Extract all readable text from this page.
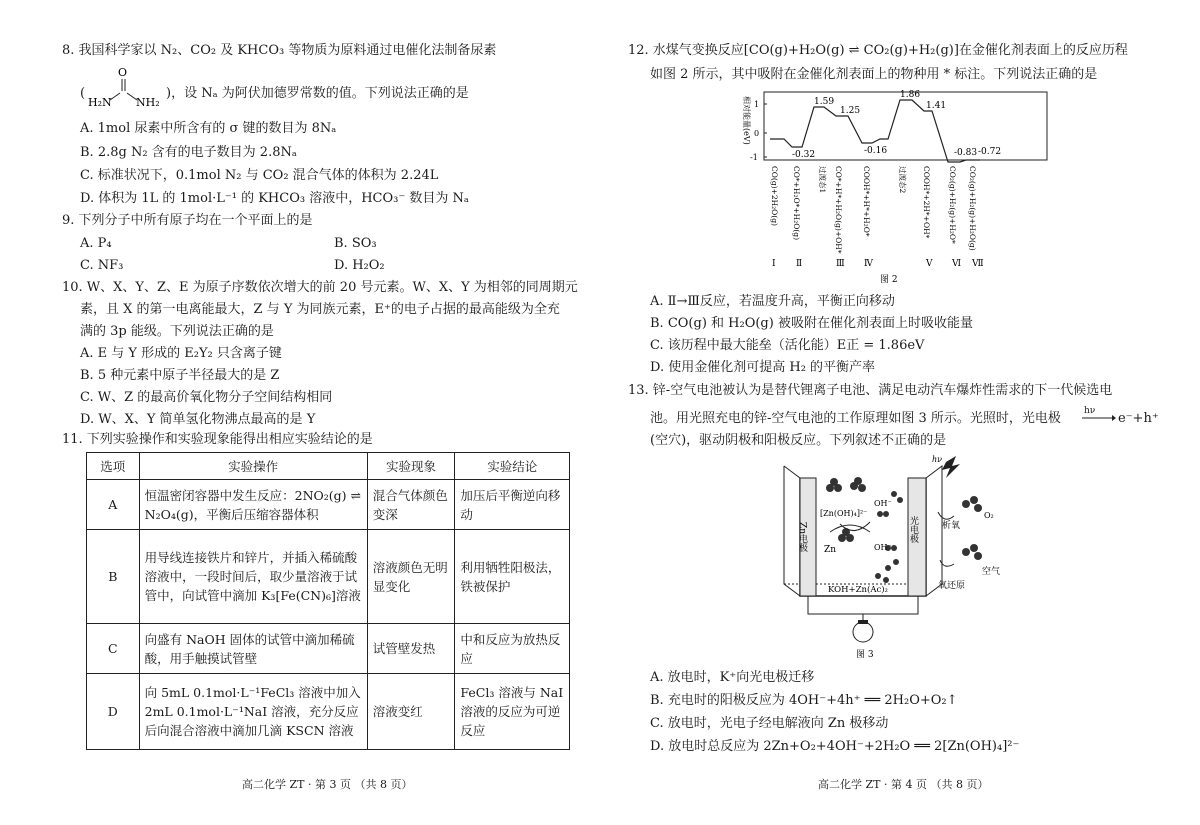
8. 我国科学家以 N₂、CO₂ 及 KHCO₃ 等物质为原料通过电催化法制备尿素
(
O
H₂N NH₂
)，设 Nₐ 为阿伏加德罗常数的值。下列说法正确的是
A. 1mol 尿素中所含有的 σ 键的数目为 8Nₐ
B. 2.8g N₂ 含有的电子数目为 2.8Nₐ
C. 标准状况下，0.1mol N₂ 与 CO₂ 混合气体的体积为 2.24L
D. 体积为 1L 的 1mol·L⁻¹ 的 KHCO₃ 溶液中，HCO₃⁻ 数目为 Nₐ
9. 下列分子中所有原子均在一个平面上的是
A. P₄	B. SO₃
C. NF₃	D. H₂O₂
10. W、X、Y、Z、E 为原子序数依次增大的前 20 号元素。W、X、Y 为相邻的同周期元
素，且 X 的第一电离能最大，Z 与 Y 为同族元素，E⁺的电子占据的最高能级为全充
满的 3p 能级。下列说法正确的是
A. E 与 Y 形成的 E₂Y₂ 只含离子键
B. 5 种元素中原子半径最大的是 Z
C. W、Z 的最高价氧化物分子空间结构相同
D. W、X、Y 简单氢化物沸点最高的是 Y
11. 下列实验操作和实验现象能得出相应实验结论的是
选项	实验操作	实验现象	实验结论
A	恒温密闭容器中发生反应：2NO₂(g) ⇌ N₂O₄(g)，平衡后压缩容器体积	混合气体颜色变深	加压后平衡逆向移动
B	用导线连接铁片和锌片，并插入稀硫酸溶液中，一段时间后，取少量溶液于试管中，向试管中滴加 K₃[Fe(CN)₆]溶液	溶液颜色无明显变化	利用牺牲阳极法，铁被保护
C	向盛有 NaOH 固体的试管中滴加稀硫酸，用手触摸试管壁	试管壁发热	中和反应为放热反应
D	向 5mL 0.1mol·L⁻¹FeCl₃ 溶液中加入 2mL 0.1mol·L⁻¹NaI 溶液，充分反应后向混合溶液中滴加几滴 KSCN 溶液	溶液变红	FeCl₃ 溶液与 NaI 溶液的反应为可逆反应
高二化学 ZT · 第 3 页 （共 8 页）
12. 水煤气变换反应[CO(g)+H₂O(g) ⇌ CO₂(g)+H₂(g)]在金催化剂表面上的反应历程
如图 2 所示，其中吸附在金催化剂表面上的物种用 * 标注。下列说法正确的是
相对能量(eV) 1
0
-1	-0.32
1.59
1.25
-0.16
1.86
1.41
-0.83 -0.72
CO(g)+2H₂O(g) CO*+H₂O*+H₂O(g) 过渡态1 CO*+H*+H₂O(g)+OH*	COOH*+H*+H₂O*	过渡态2 COOH*+2H*+OH* CO₂(g)+H₂(g)+H₂O* CO₂(g)+H₂(g)+H₂O(g)
Ⅰ Ⅱ	Ⅲ Ⅳ	Ⅴ Ⅵ Ⅶ
图 2
A. Ⅱ→Ⅲ反应，若温度升高，平衡正向移动
B. CO(g) 和 H₂O(g) 被吸附在催化剂表面上时吸收能量
C. 该历程中最大能垒（活化能）E正 = 1.86eV
D. 使用金催化剂可提高 H₂ 的平衡产率
13. 锌-空气电池被认为是替代锂离子电池、满足电动汽车爆炸性需求的下一代候选电
池。用光照充电的锌-空气电池的工作原理如图 3 所示。光照时，光电极	hν e⁻+h⁺
(空穴)，驱动阴极和阳极反应。下列叙述不正确的是
Zn电极	光电极
[Zn(OH)₄]²⁻
OH⁻
OH⁻
Zn
KOH+Zn(Ac)₂
hν
析氧
O₂
空气
氧还原
图 3
A. 放电时，K⁺向光电极迁移
B. 充电时的阳极反应为 4OH⁻+4h⁺ ══ 2H₂O+O₂↑
C. 放电时，光电子经电解液向 Zn 极移动
D. 放电时总反应为 2Zn+O₂+4OH⁻+2H₂O ══ 2[Zn(OH)₄]²⁻
高二化学 ZT · 第 4 页 （共 8 页）
